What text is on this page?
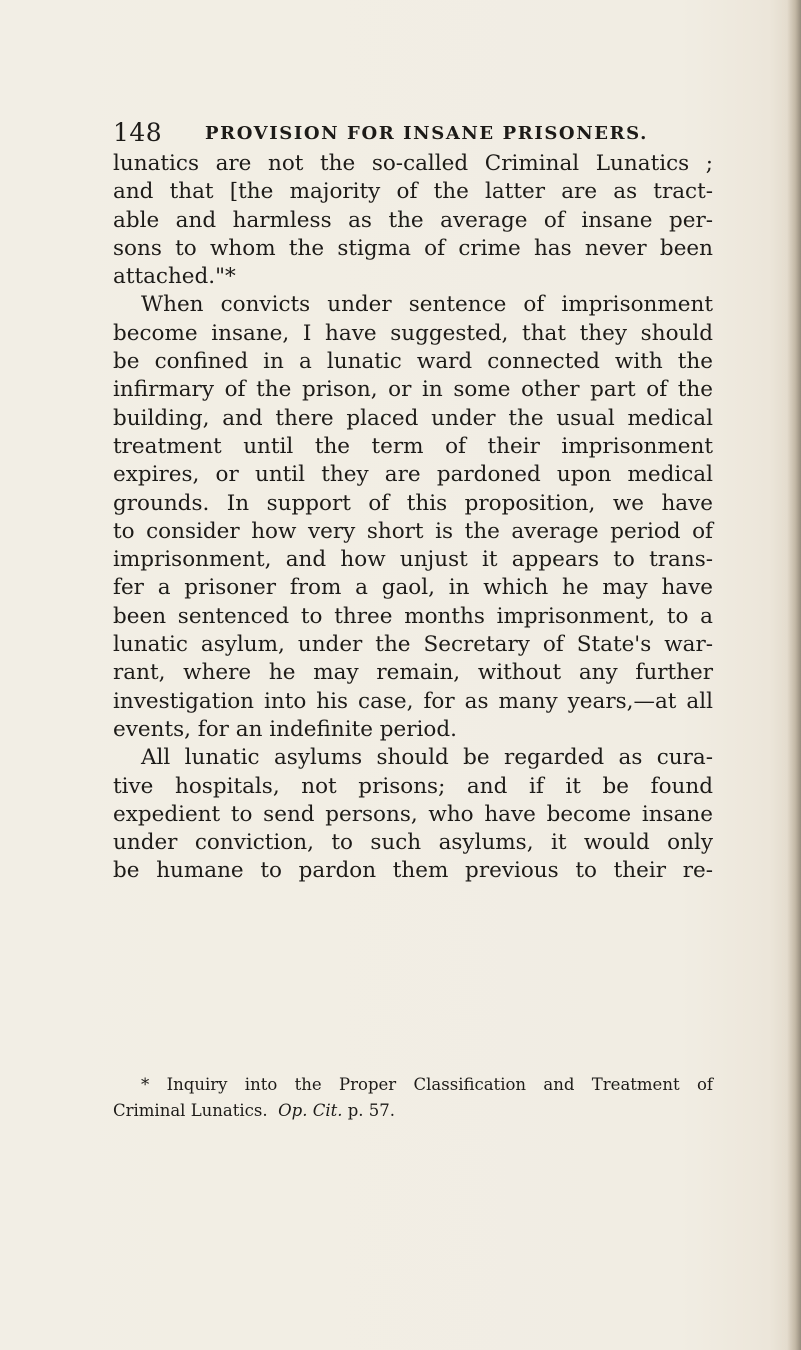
148 PROVISION FOR INSANE PRISONERS.
lunatics are not the so-called Criminal Lunatics ;
and that [the majority of the latter are as tract-
able and harmless as the average of insane per-
sons to whom the stigma of crime has never been
attached."*
When convicts under sentence of imprisonment
become insane, I have suggested, that they should
be confined in a lunatic ward connected with the
infirmary of the prison, or in some other part of the
building, and there placed under the usual medical
treatment until the term of their imprisonment
expires, or until they are pardoned upon medical
grounds. In support of this proposition, we have
to consider how very short is the average period of
imprisonment, and how unjust it appears to trans-
fer a prisoner from a gaol, in which he may have
been sentenced to three months imprisonment, to a
lunatic asylum, under the Secretary of State's war-
rant, where he may remain, without any further
investigation into his case, for as many years,—at all
events, for an indefinite period.
All lunatic asylums should be regarded as cura-
tive hospitals, not prisons; and if it be found
expedient to send persons, who have become insane
under conviction, to such asylums, it would only
be humane to pardon them previous to their re-
* Inquiry into the Proper Classification and Treatment of
Criminal Lunatics. Op. Cit. p. 57.
